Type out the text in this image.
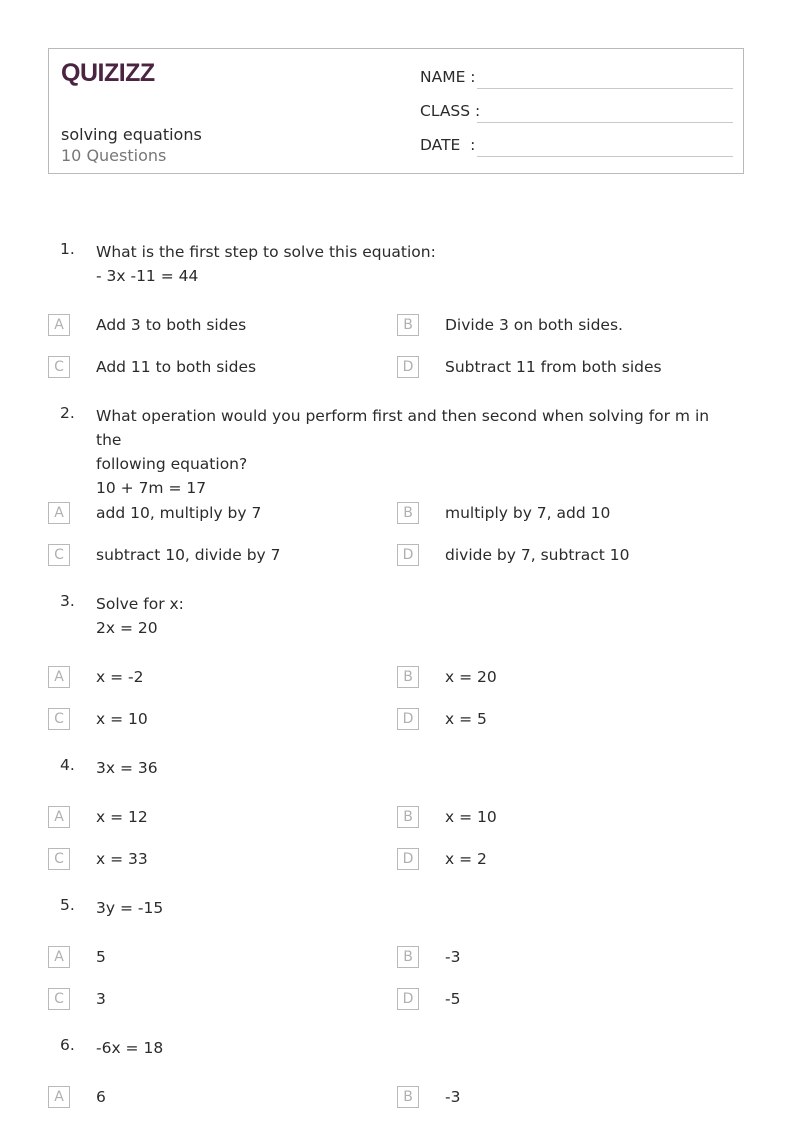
QUIZIZZ
solving equations
10 Questions
NAME :
CLASS :
DATE  :
1. What is the first step to solve this equation:
- 3x -11 = 44
A	Add 3 to both sides	B	Divide 3 on both sides.
C	Add 11 to both sides	D	Subtract 11 from both sides
2. What operation would you perform first and then second when solving for m in the
following equation?
10 + 7m = 17
A	add 10, multiply by 7	B	multiply by 7, add 10
C	subtract 10, divide by 7	D	divide by 7, subtract 10
3. Solve for x:
2x = 20
A	x = -2	B	x = 20
C	x = 10	D	x = 5
4. 3x = 36
A	x = 12	B	x = 10
C	x = 33	D	x = 2
5. 3y = -15
A	5	B	-3
C	3	D	-5
6. -6x = 18
A	6	B	-3
